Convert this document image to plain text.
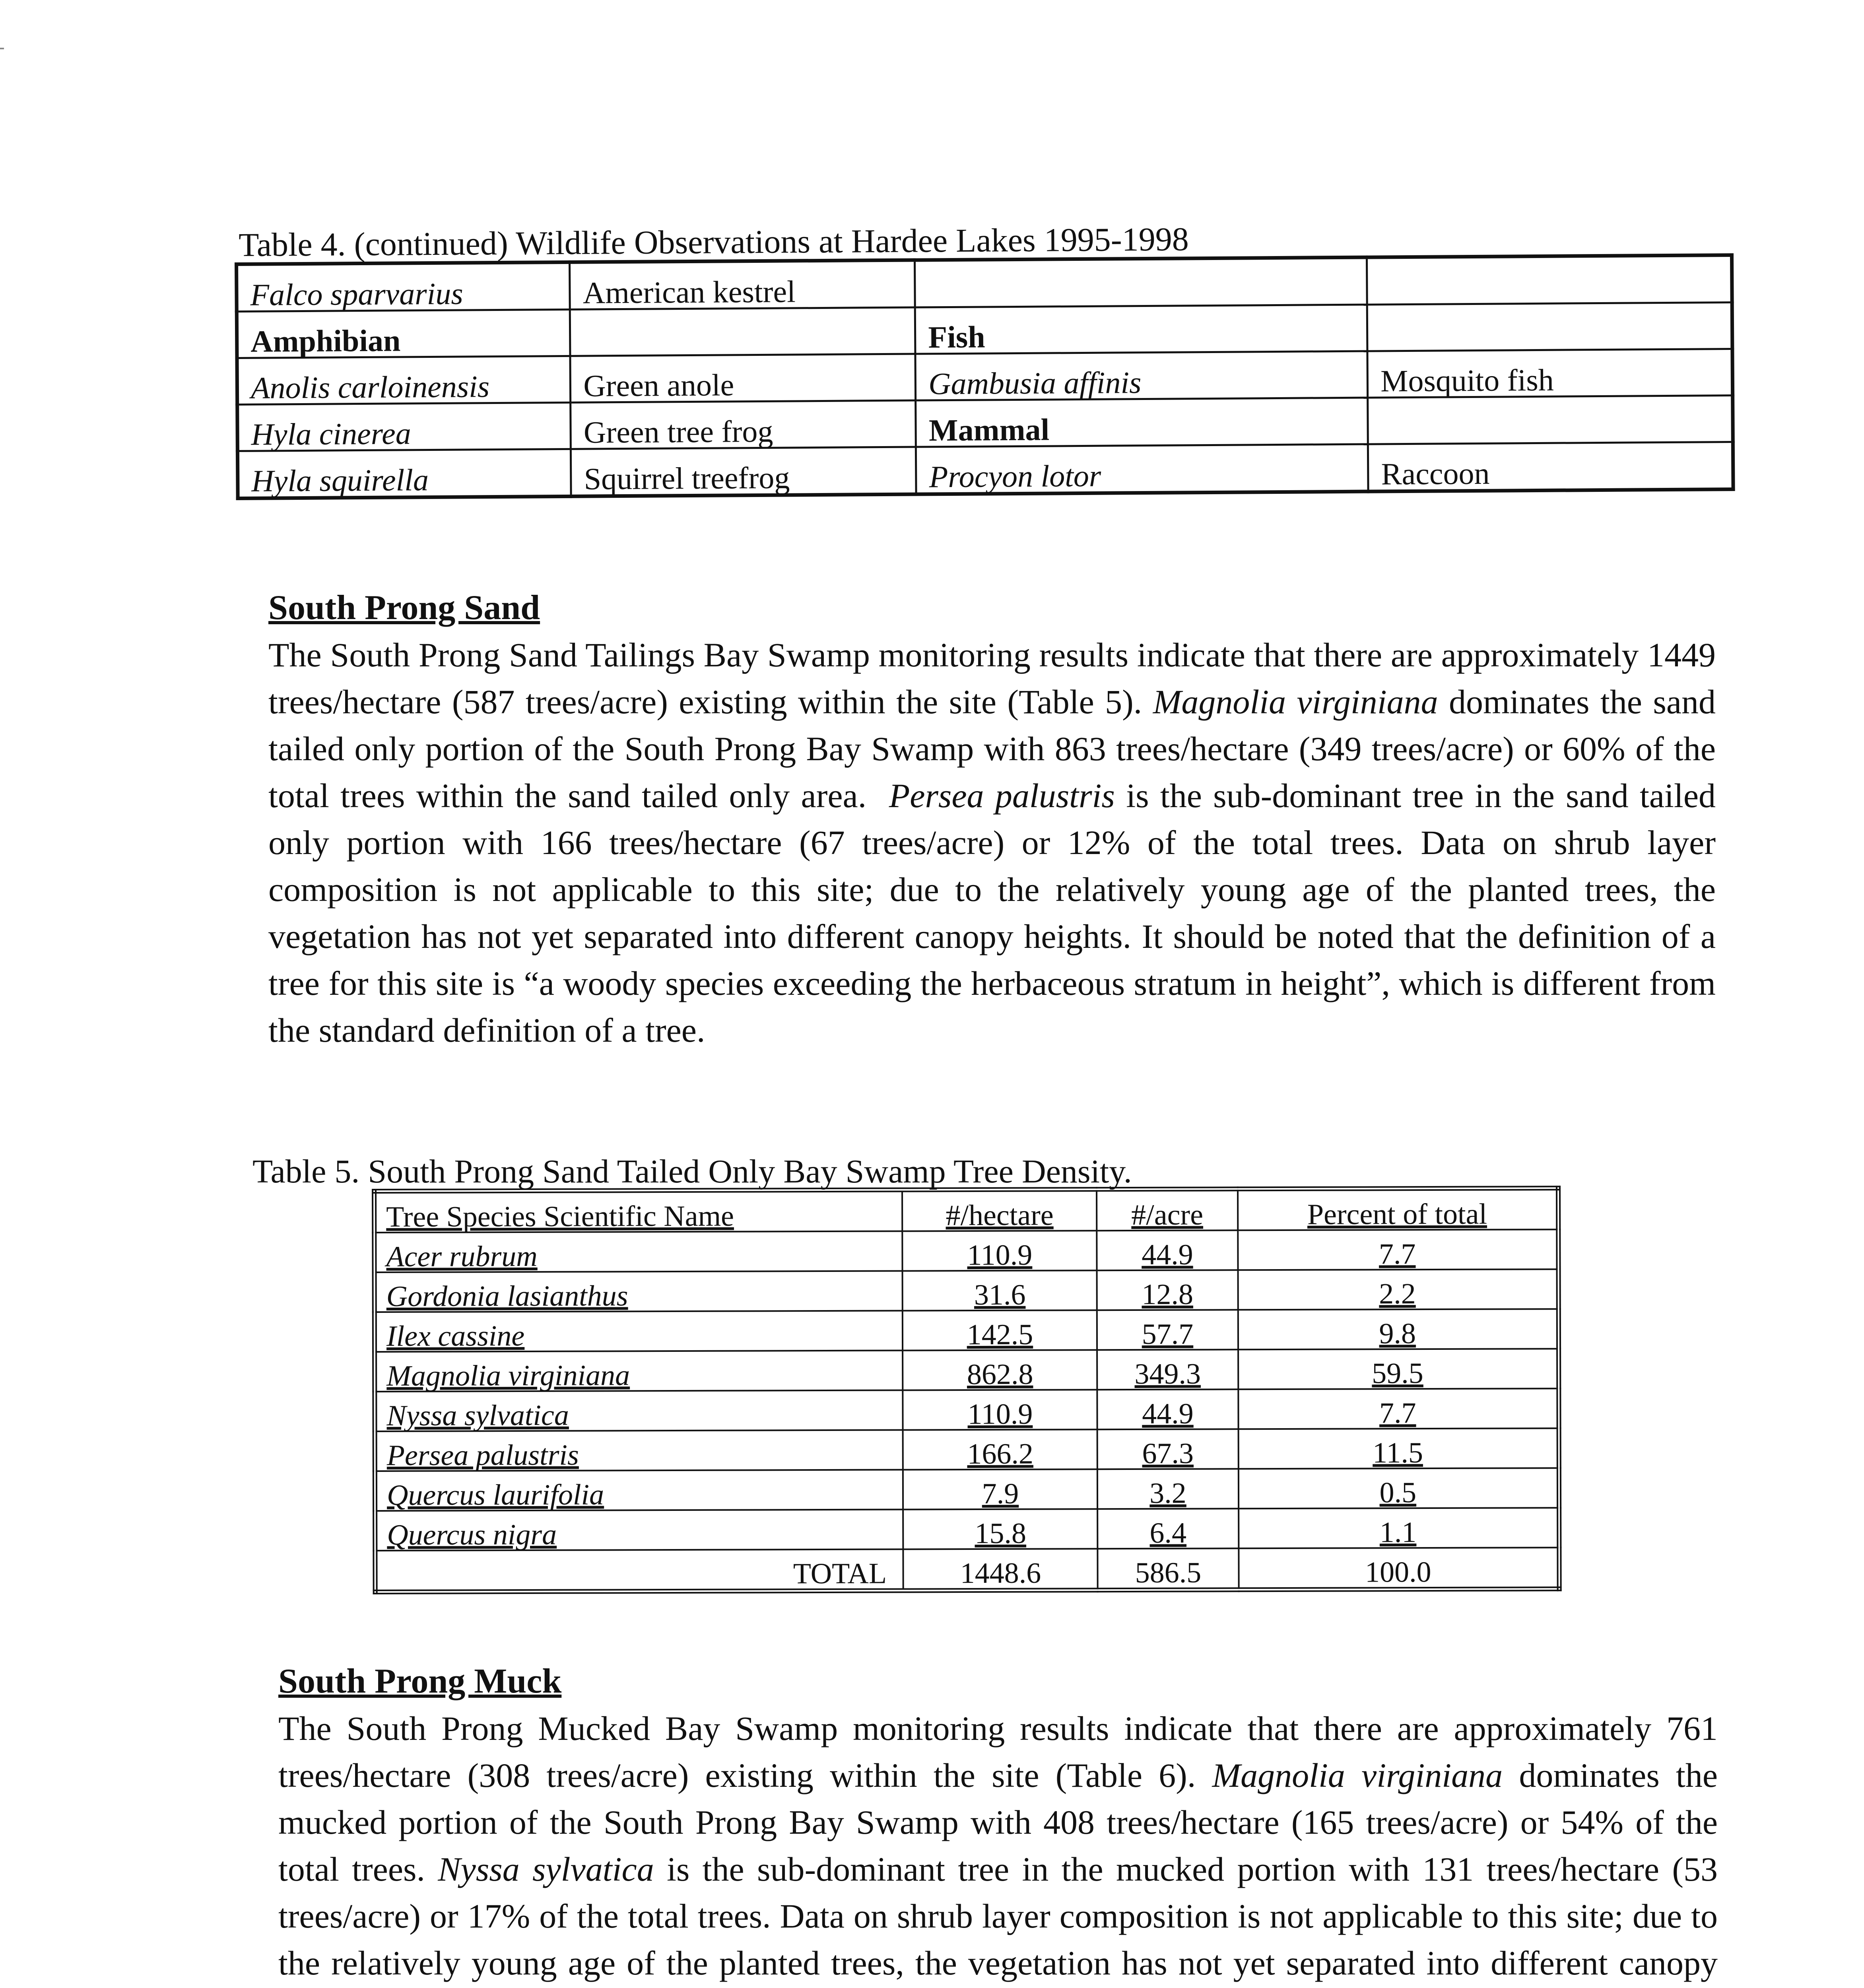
Table 4. (continued) Wildlife Observations at Hardee Lakes 1995-1998
Falco sparvarius	American kestrel		
Amphibian		Fish	
Anolis carloinensis	Green anole	Gambusia affinis	Mosquito fish
Hyla cinerea	Green tree frog	Mammal	
Hyla squirella	Squirrel treefrog	Procyon lotor	Raccoon
South Prong Sand
The South Prong Sand Tailings Bay Swamp monitoring results indicate that there are approximately 1449 trees/hectare (587 trees/acre) existing within the site (Table 5). Magnolia virginiana dominates the sand tailed only portion of the South Prong Bay Swamp with 863 trees/hectare (349 trees/acre) or 60% of the total trees within the sand tailed only area. Persea palustris is the sub-dominant tree in the sand tailed only portion with 166 trees/hectare (67 trees/acre) or 12% of the total trees. Data on shrub layer composition is not applicable to this site; due to the relatively young age of the planted trees, the vegetation has not yet separated into different canopy heights. It should be noted that the definition of a tree for this site is “a woody species exceeding the herbaceous stratum in height”, which is different from the standard definition of a tree.
Table 5. South Prong Sand Tailed Only Bay Swamp Tree Density.
Tree Species Scientific Name	#/hectare	#/acre	Percent of total
Acer rubrum	110.9	44.9	7.7
Gordonia lasianthus	31.6	12.8	2.2
Ilex cassine	142.5	57.7	9.8
Magnolia virginiana	862.8	349.3	59.5
Nyssa sylvatica	110.9	44.9	7.7
Persea palustris	166.2	67.3	11.5
Quercus laurifolia	7.9	3.2	0.5
Quercus nigra	15.8	6.4	1.1
TOTAL	1448.6	586.5	100.0
South Prong Muck
The South Prong Mucked Bay Swamp monitoring results indicate that there are approximately 761 trees/hectare (308 trees/acre) existing within the site (Table 6). Magnolia virginiana dominates the mucked portion of the South Prong Bay Swamp with 408 trees/hectare (165 trees/acre) or 54% of the total trees. Nyssa sylvatica is the sub-dominant tree in the mucked portion with 131 trees/hectare (53 trees/acre) or 17% of the total trees. Data on shrub layer composition is not applicable to this site; due to the relatively young age of the planted trees, the vegetation has not yet separated into different canopy
